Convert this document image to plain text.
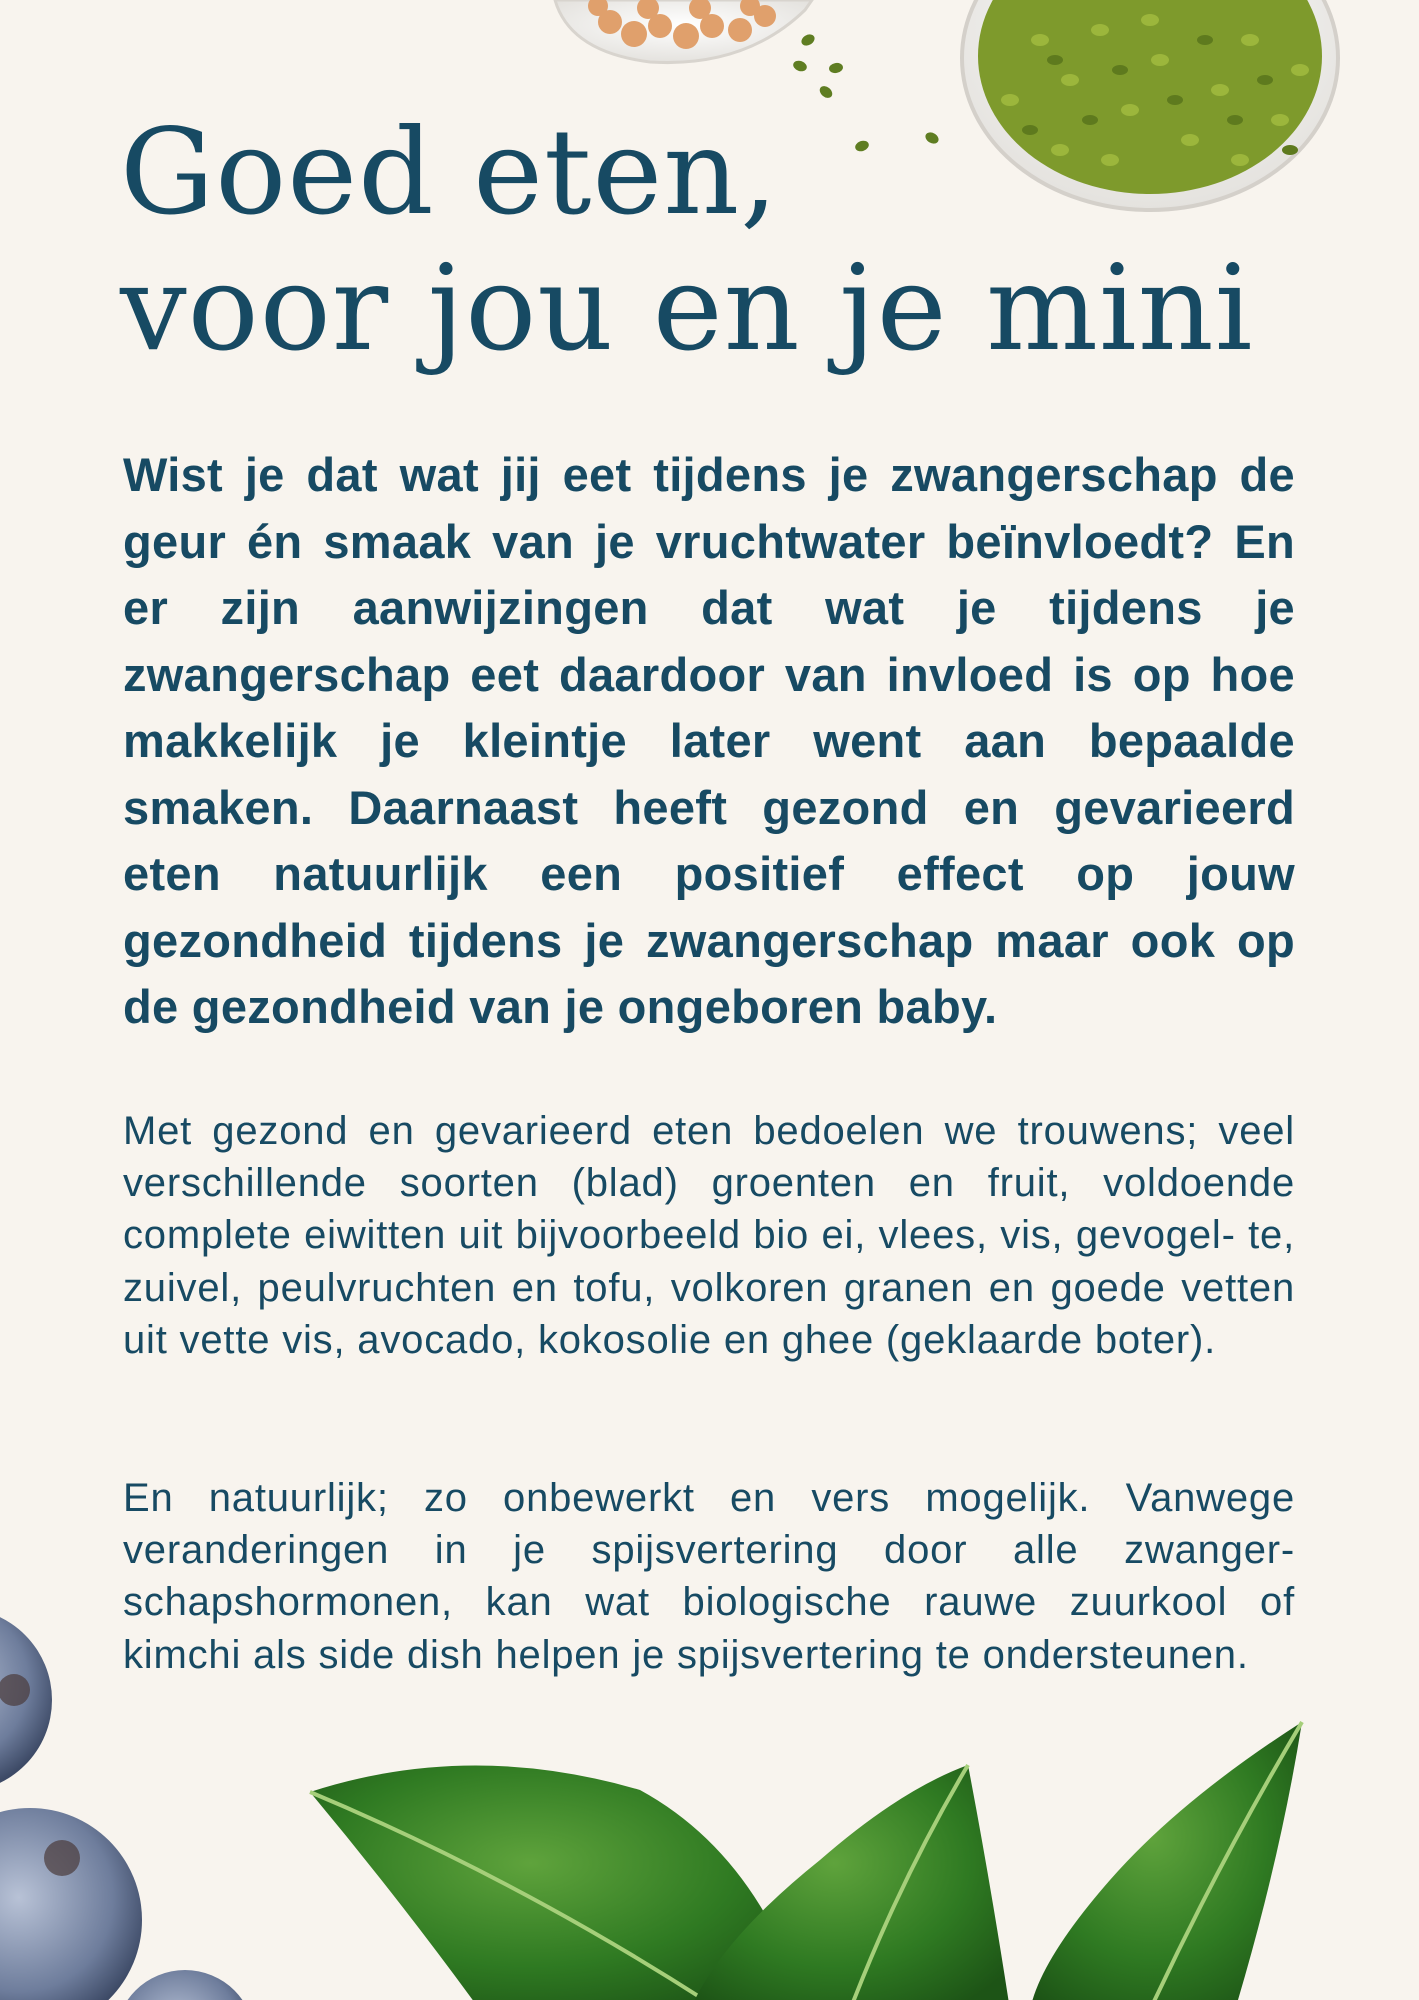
Goed eten,
voor jou en je mini

Wist je dat wat jij eet tijdens je zwangerschap de geur én smaak van je vruchtwater beïnvloedt? En er zijn aanwijzingen dat wat je tijdens je zwangerschap eet daardoor van invloed is op hoe makkelijk je kleintje later went aan bepaalde smaken. Daarnaast heeft gezond en gevarieerd eten natuurlijk een positief effect op jouw gezondheid tijdens je zwangerschap maar ook op de gezondheid van je ongeboren baby.

Met gezond en gevarieerd eten bedoelen we trouwens; veel verschillende soorten (blad) groenten en fruit, voldoende complete eiwitten uit bijvoorbeeld bio ei, vlees, vis, gevogel- te, zuivel, peulvruchten en tofu, volkoren granen en goede vetten uit vette vis, avocado, kokosolie en ghee (geklaarde boter).

En natuurlijk; zo onbewerkt en vers mogelijk. Vanwege veranderingen in je spijsvertering door alle zwanger- schapshormonen, kan wat biologische rauwe zuurkool of kimchi als side dish helpen je spijsvertering te ondersteunen.
